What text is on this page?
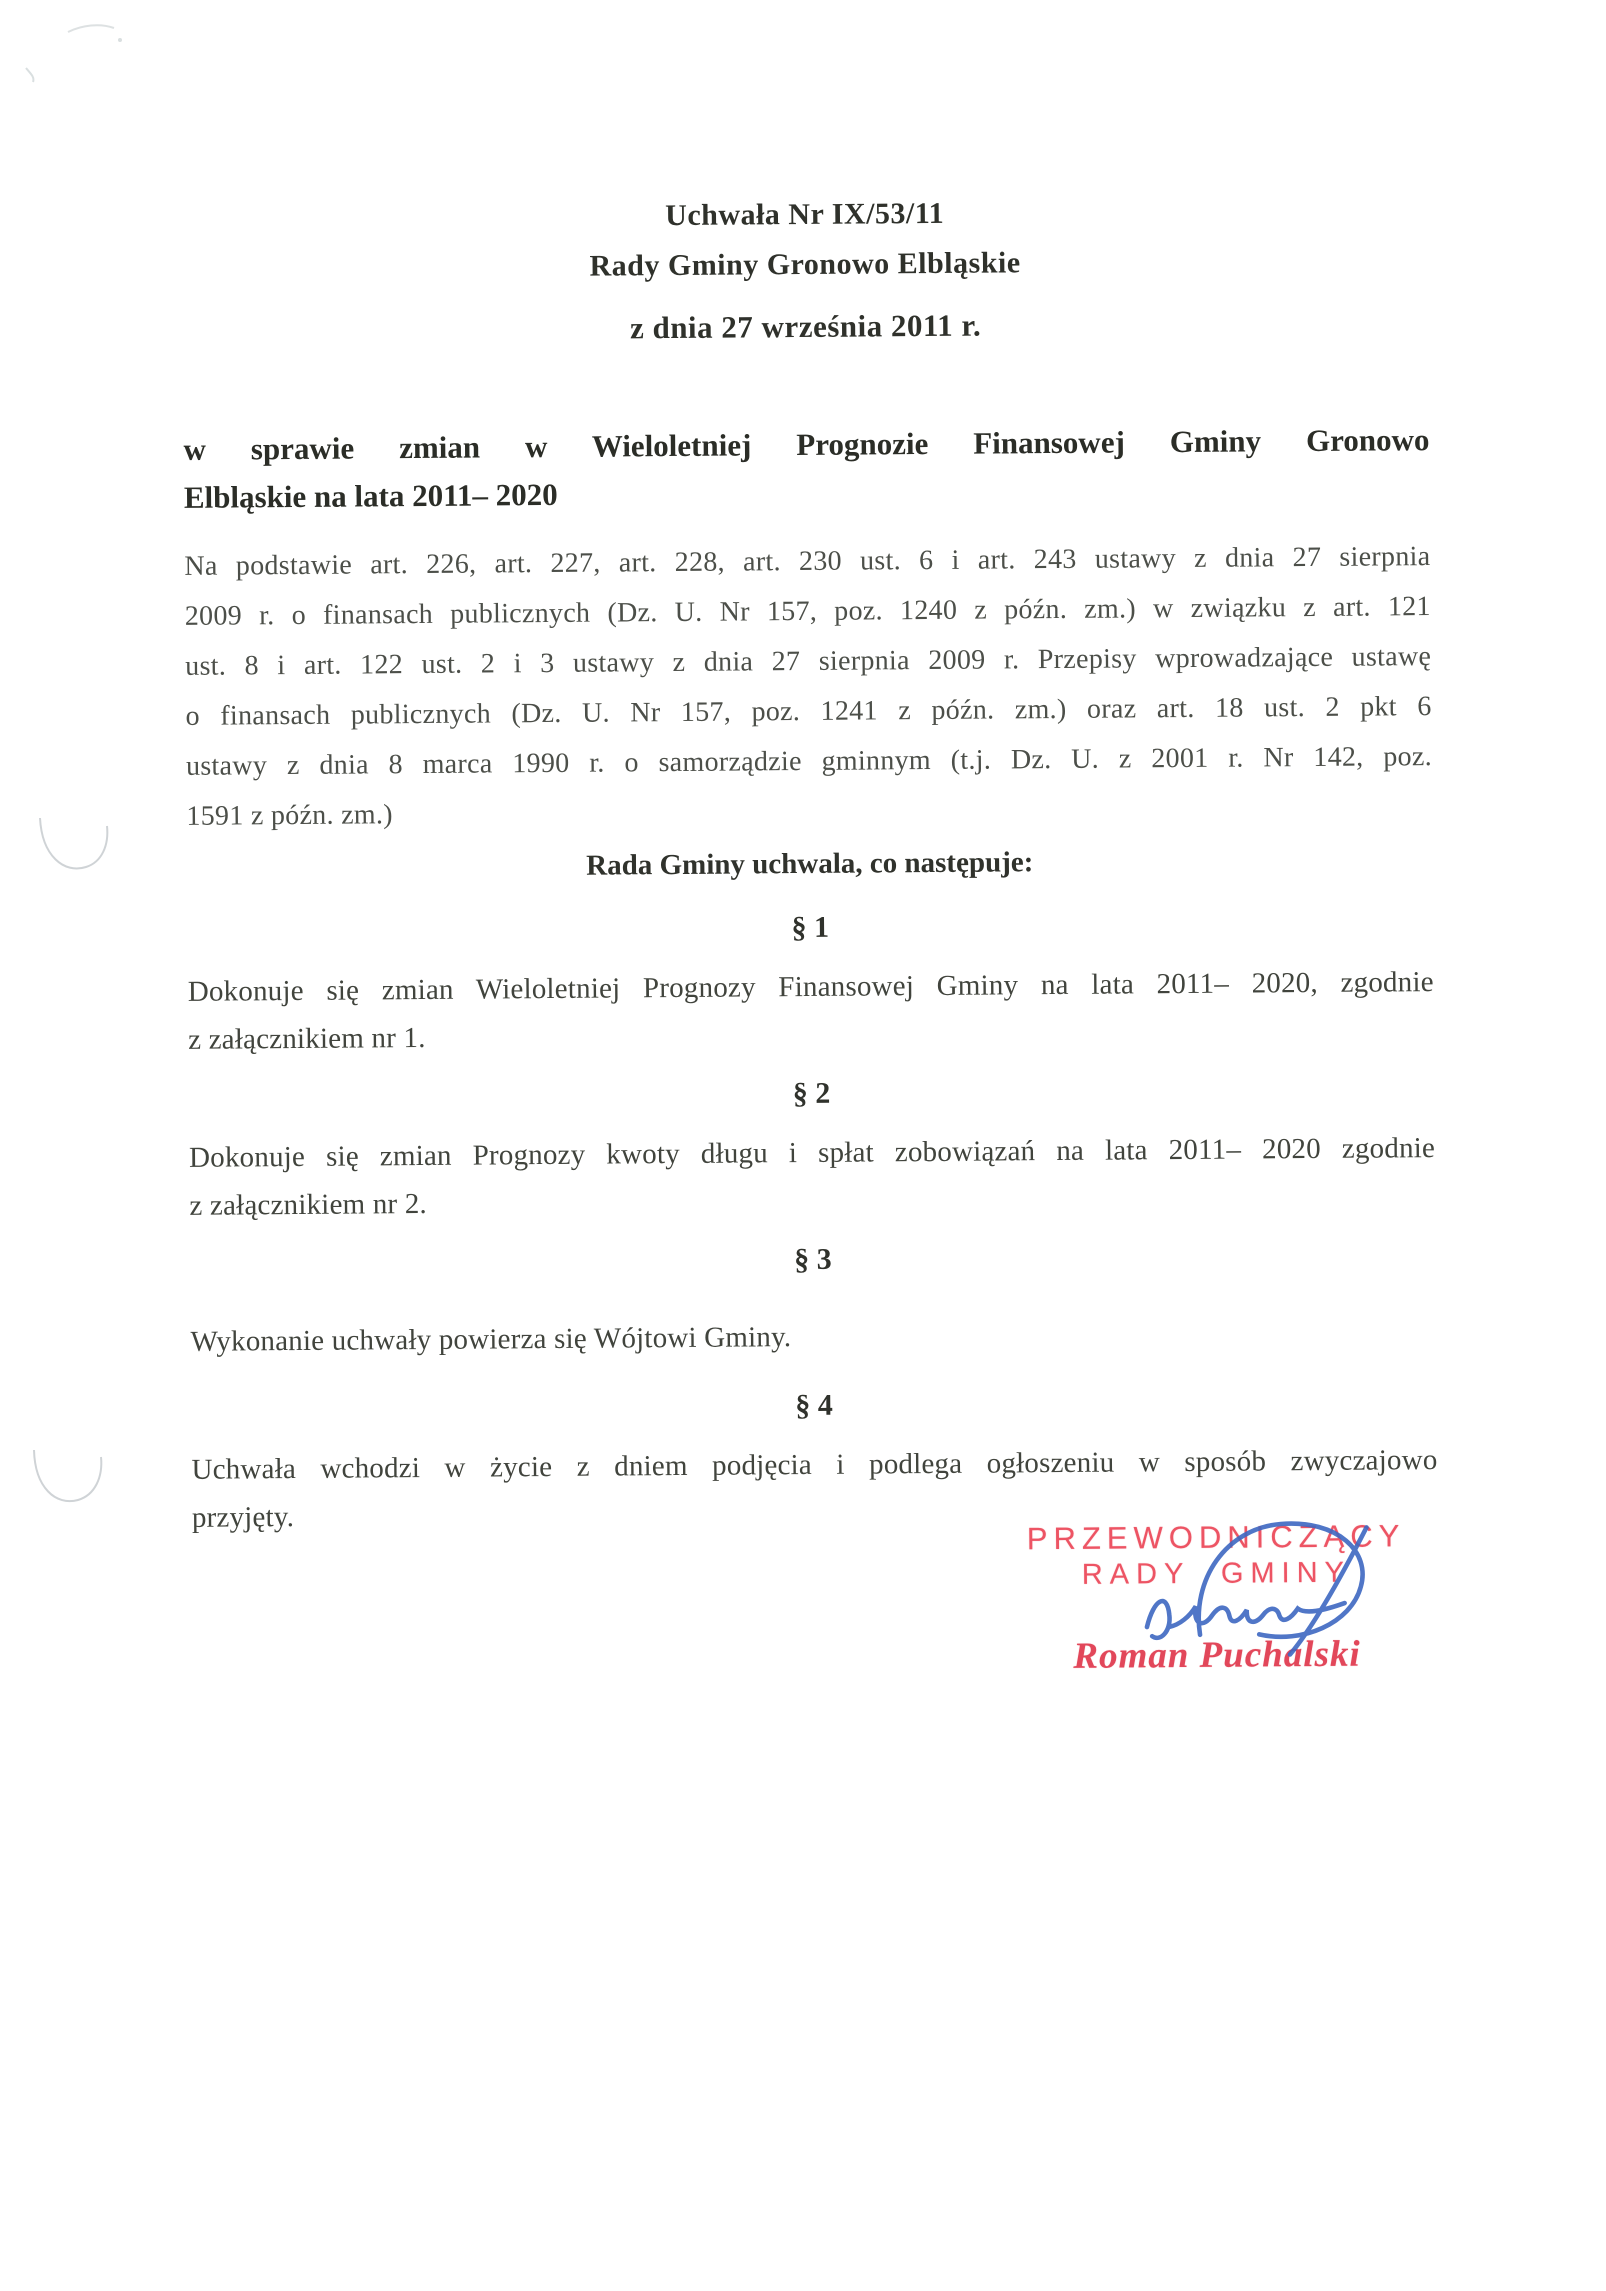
Uchwała Nr IX/53/11
Rady Gminy Gronowo Elbląskie
z dnia 27 września 2011 r.
w sprawie zmian w Wieloletniej Prognozie Finansowej Gminy Gronowo
Elbląskie na lata 2011– 2020
Na podstawie art. 226, art. 227, art. 228, art. 230 ust. 6 i art. 243 ustawy z dnia 27 sierpnia
2009 r. o finansach publicznych (Dz. U. Nr 157, poz. 1240 z późn. zm.) w związku z art. 121
ust. 8 i art. 122 ust. 2 i 3 ustawy z dnia 27 sierpnia 2009 r. Przepisy wprowadzające ustawę
o finansach publicznych (Dz. U. Nr 157, poz. 1241 z późn. zm.) oraz art. 18 ust. 2 pkt 6
ustawy z dnia 8 marca 1990 r. o samorządzie gminnym (t.j. Dz. U. z 2001 r. Nr 142, poz.
1591 z późn. zm.)
Rada Gminy uchwala, co następuje:
§ 1
Dokonuje się zmian Wieloletniej Prognozy Finansowej Gminy na lata 2011– 2020, zgodnie
z załącznikiem nr 1.
§ 2
Dokonuje się zmian Prognozy kwoty długu i spłat zobowiązań na lata 2011– 2020 zgodnie
z załącznikiem nr 2.
§ 3
Wykonanie uchwały powierza się Wójtowi Gminy.
§ 4
Uchwała wchodzi w życie z dniem podjęcia i podlega ogłoszeniu w sposób zwyczajowo
przyjęty.
PRZEWODNICZĄCY
RADY GMINY
Roman Puchalski
